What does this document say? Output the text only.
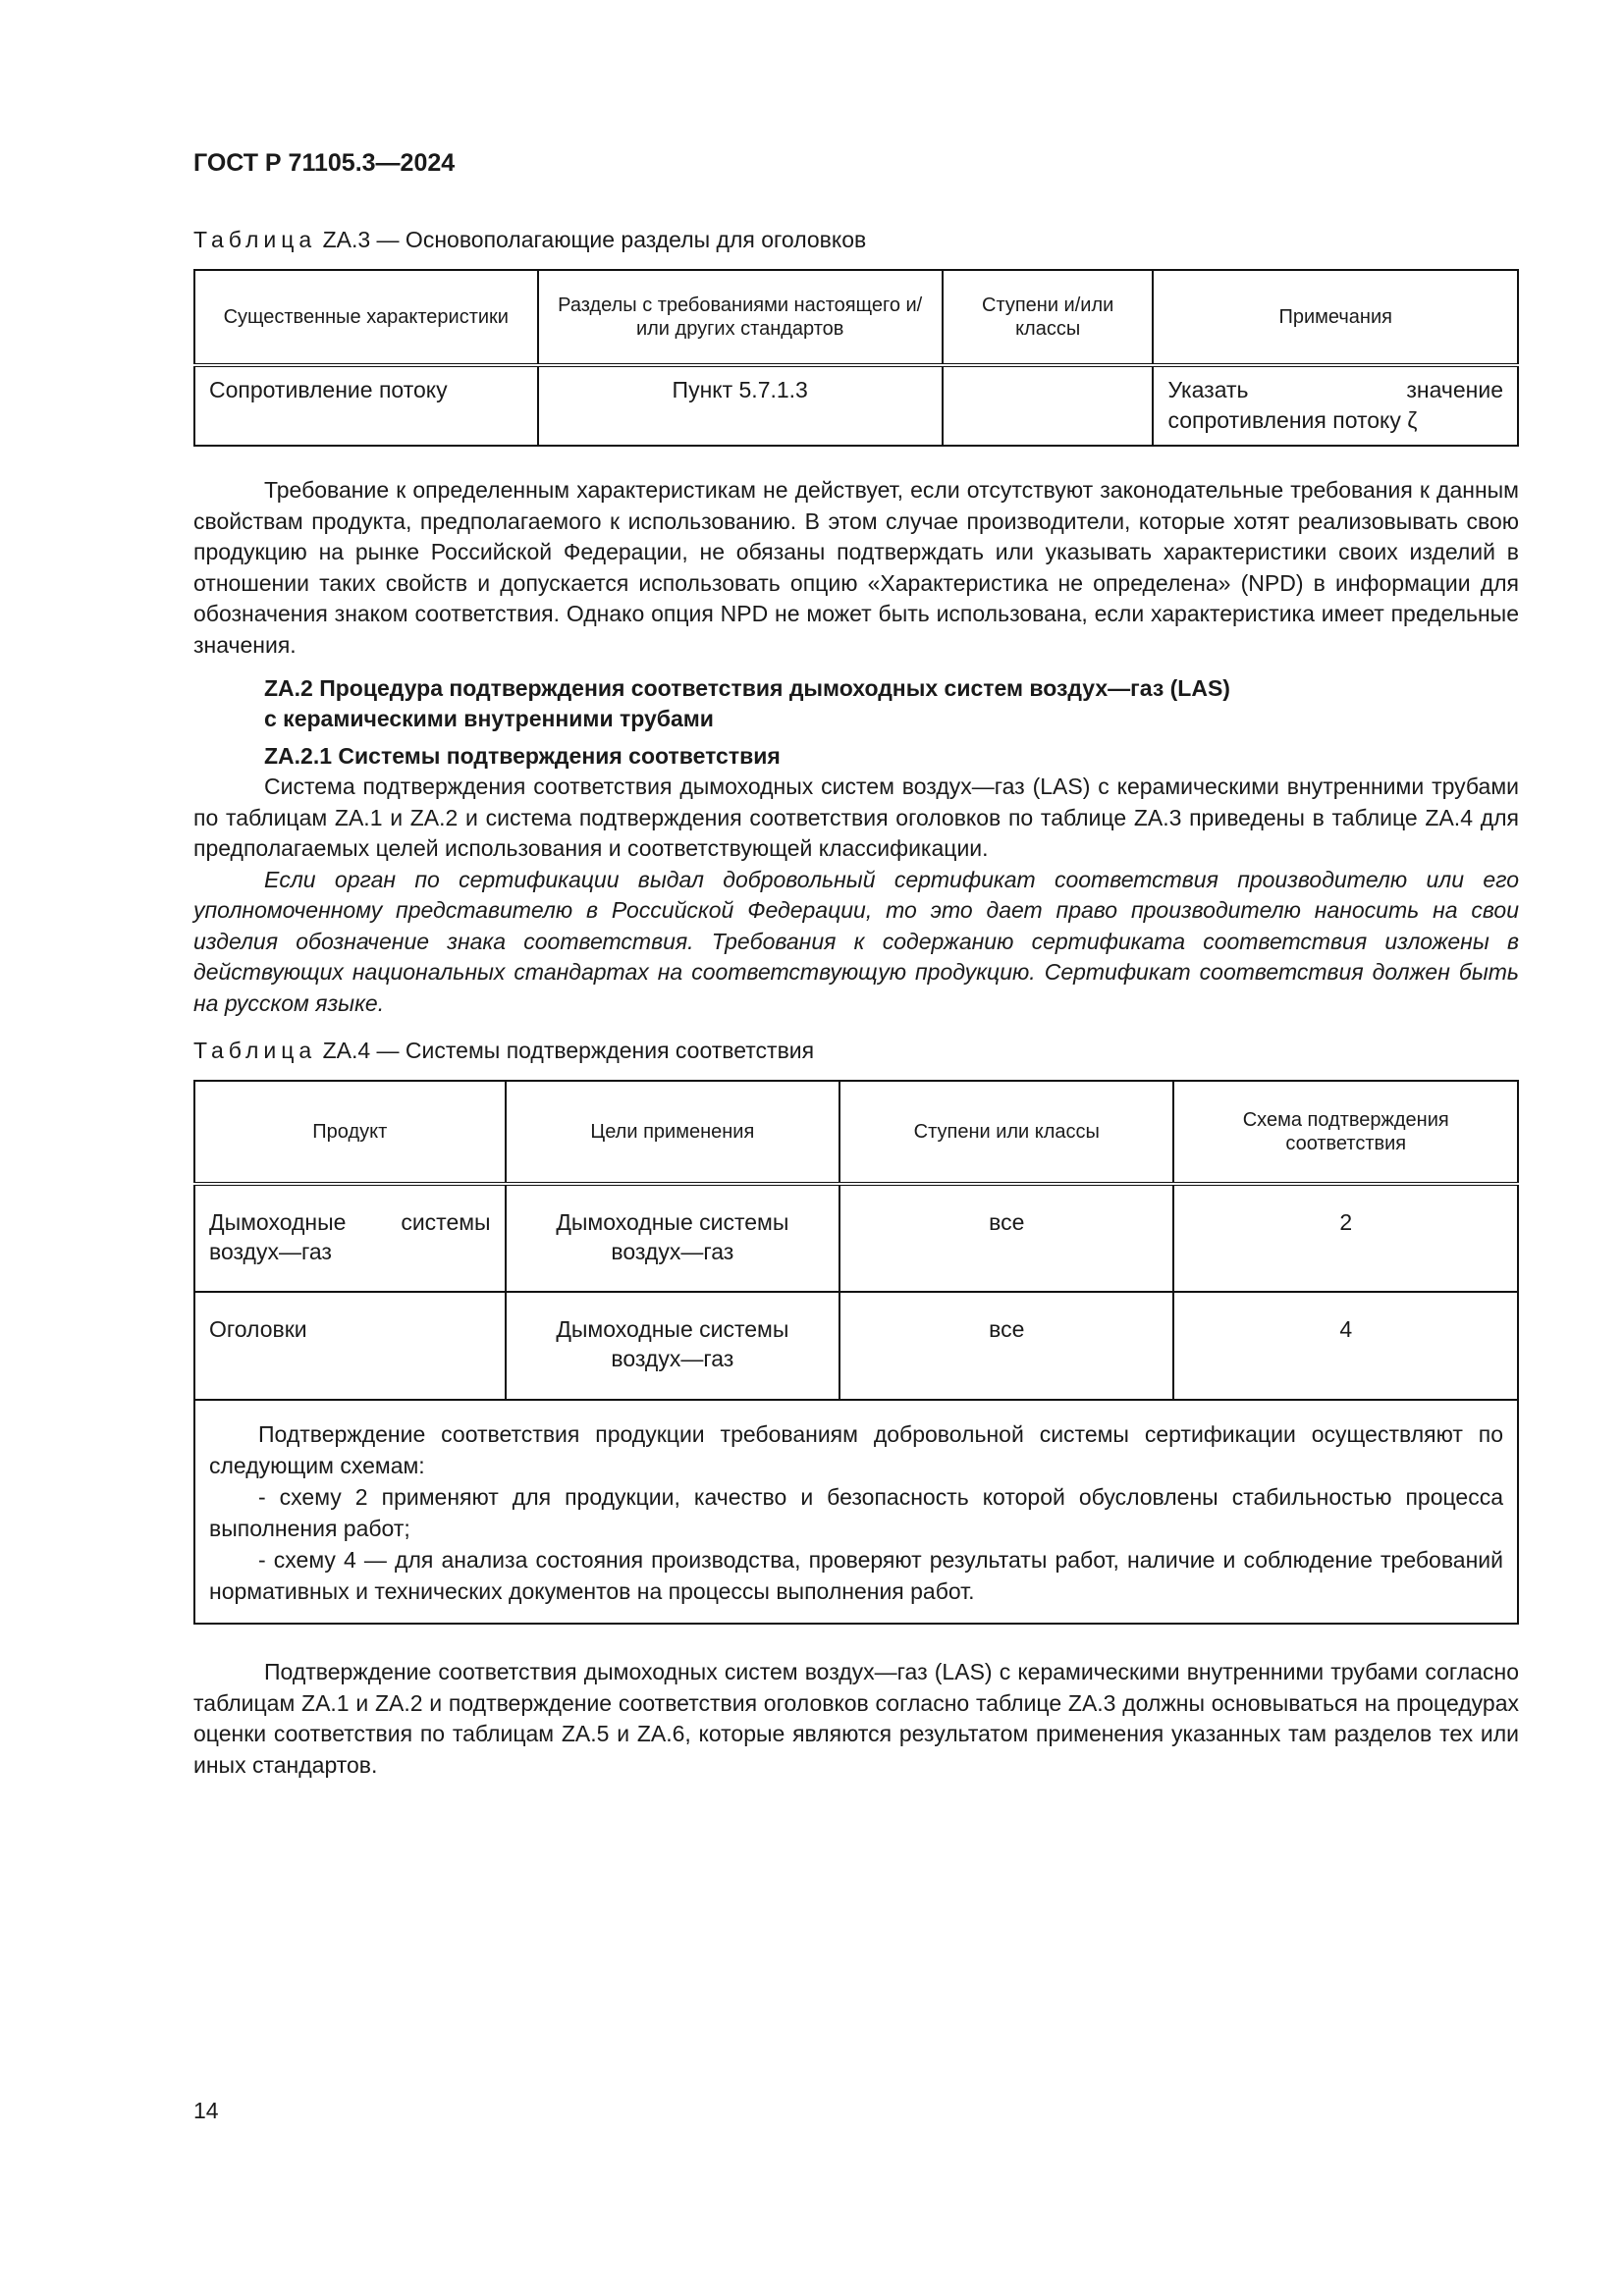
ГОСТ Р 71105.3—2024
Таблица ZA.3 — Основополагающие разделы для оголовков
Существенные характеристики	Разделы с требованиями настоящего и/или других стандартов	Ступени и/или классы	Примечания
Сопротивление потоку	Пункт 5.7.1.3		Указать значение сопротивления потоку ζ

Требование к определенным характеристикам не действует, если отсутствуют законодательные требования к данным свойствам продукта, предполагаемого к использованию. В этом случае производители, которые хотят реализовывать свою продукцию на рынке Российской Федерации, не обязаны подтверждать или указывать характеристики своих изделий в отношении таких свойств и допускается использовать опцию «Характеристика не определена» (NPD) в информации для обозначения знаком соответствия. Однако опция NPD не может быть использована, если характеристика имеет предельные значения.

ZA.2 Процедура подтверждения соответствия дымоходных систем воздух—газ (LAS)

с керамическими внутренними трубами

ZA.2.1 Системы подтверждения соответствия

Система подтверждения соответствия дымоходных систем воздух—газ (LAS) с керамическими внутренними трубами по таблицам ZA.1 и ZA.2 и система подтверждения соответствия оголовков по таблице ZA.3 приведены в таблице ZA.4 для предполагаемых целей использования и соответствующей классификации.

Если орган по сертификации выдал добровольный сертификат соответствия производителю или его уполномоченному представителю в Российской Федерации, то это дает право производителю наносить на свои изделия обозначение знака соответствия. Требования к содержанию сертификата соответствия изложены в действующих национальных стандартах на соответствующую продукцию. Сертификат соответствия должен быть на русском языке.

Таблица ZA.4 — Системы подтверждения соответствия
Продукт	Цели применения	Ступени или классы	Схема подтверждения соответствия
Дымоходные системы воздух—газ	Дымоходные системы воздух—газ	все	2
Оголовки	Дымоходные системы воздух—газ	все	4

Подтверждение соответствия продукции требованиям добровольной системы сертификации осуществляют по следующим схемам:

- схему 2 применяют для продукции, качество и безопасность которой обусловлены стабильностью процесса выполнения работ;

- схему 4 — для анализа состояния производства, проверяют результаты работ, наличие и соблюдение требований нормативных и технических документов на процессы выполнения работ.			

Подтверждение соответствия дымоходных систем воздух—газ (LAS) с керамическими внутренними трубами согласно таблицам ZA.1 и ZA.2 и подтверждение соответствия оголовков согласно таблице ZA.3 должны основываться на процедурах оценки соответствия по таблицам ZA.5 и ZA.6, которые являются результатом применения указанных там разделов тех или иных стандартов.

14
